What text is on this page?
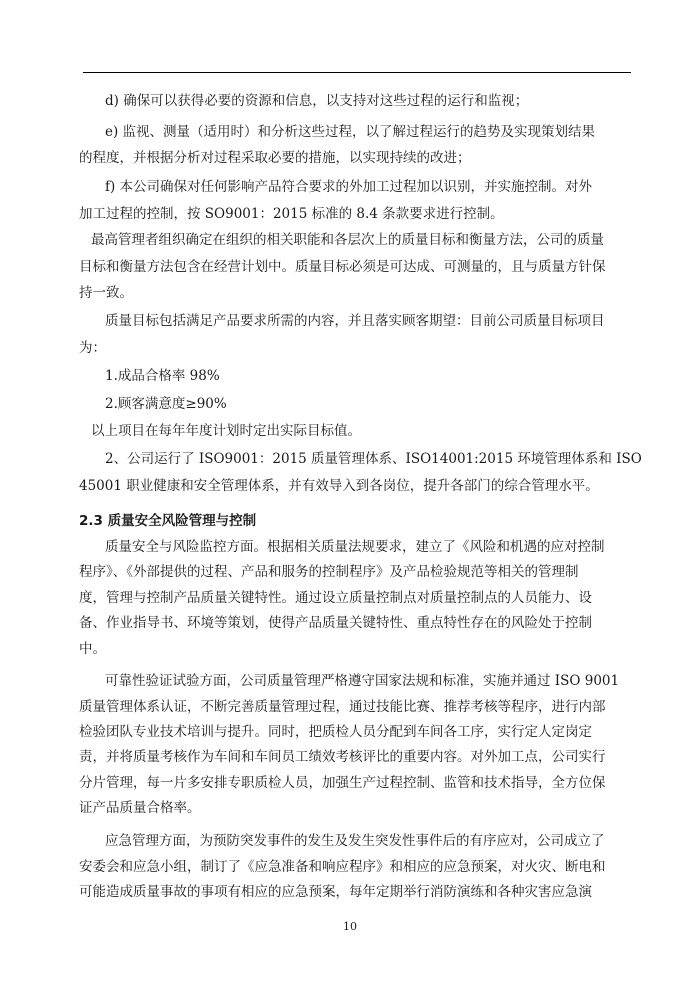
d) 确保可以获得必要的资源和信息，以支持对这些过程的运行和监视；
e) 监视、测量（适用时）和分析这些过程，以了解过程运行的趋势及实现策划结果
的程度，并根据分析对过程采取必要的措施，以实现持续的改进；
f) 本公司确保对任何影响产品符合要求的外加工过程加以识别，并实施控制。对外
加工过程的控制，按 SO9001：2015 标准的 8.4 条款要求进行控制。
最高管理者组织确定在组织的相关职能和各层次上的质量目标和衡量方法，公司的质量
目标和衡量方法包含在经营计划中。质量目标必须是可达成、可测量的，且与质量方针保
持一致。
质量目标包括满足产品要求所需的内容，并且落实顾客期望：目前公司质量目标项目
为：
1.成品合格率 98%
2.顾客满意度≥90%
以上项目在每年年度计划时定出实际目标值。
2、公司运行了 ISO9001：2015 质量管理体系、ISO14001:2015 环境管理体系和 ISO
45001 职业健康和安全管理体系，并有效导入到各岗位，提升各部门的综合管理水平。
2.3 质量安全风险管理与控制
质量安全与风险监控方面。根据相关质量法规要求，建立了《风险和机遇的应对控制
程序》、《外部提供的过程、产品和服务的控制程序》及产品检验规范等相关的管理制
度，管理与控制产品质量关键特性。通过设立质量控制点对质量控制点的人员能力、设
备、作业指导书、环境等策划，使得产品质量关键特性、重点特性存在的风险处于控制
中。
可靠性验证试验方面，公司质量管理严格遵守国家法规和标准，实施并通过 ISO 9001
质量管理体系认证，不断完善质量管理过程，通过技能比赛、推荐考核等程序，进行内部
检验团队专业技术培训与提升。同时，把质检人员分配到车间各工序，实行定人定岗定
责，并将质量考核作为车间和车间员工绩效考核评比的重要内容。对外加工点，公司实行
分片管理，每一片多安排专职质检人员，加强生产过程控制、监管和技术指导，全方位保
证产品质量合格率。
应急管理方面，为预防突发事件的发生及发生突发性事件后的有序应对，公司成立了
安委会和应急小组，制订了《应急准备和响应程序》和相应的应急预案，对火灾、断电和
可能造成质量事故的事项有相应的应急预案，每年定期举行消防演练和各种灾害应急演
10
